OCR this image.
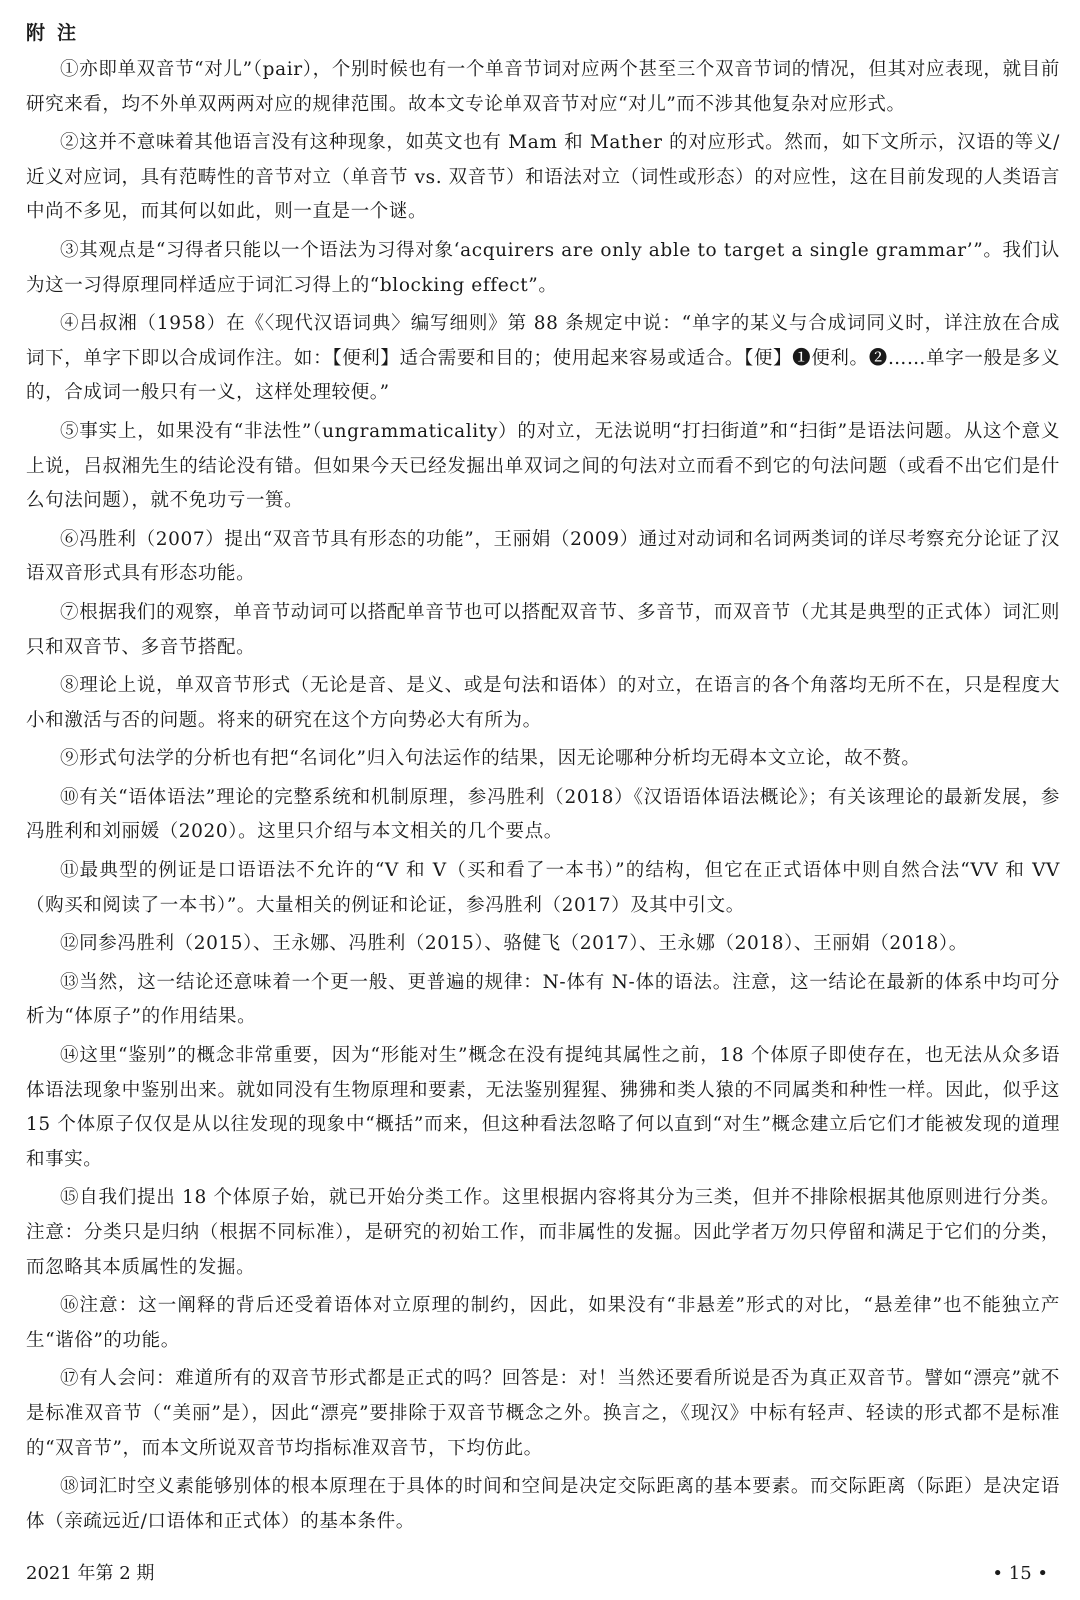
附注

①亦即单双音节“对儿”（pair），个别时候也有一个单音节词对应两个甚至三个双音节词的情况，但其对应表现，就目前研究来看，均不外单双两两对应的规律范围。故本文专论单双音节对应“对儿”而不涉其他复杂对应形式。

②这并不意味着其他语言没有这种现象，如英文也有 Mam 和 Mather 的对应形式。然而，如下文所示，汉语的等义/近义对应词，具有范畴性的音节对立（单音节 vs. 双音节）和语法对立（词性或形态）的对应性，这在目前发现的人类语言中尚不多见，而其何以如此，则一直是一个谜。

③其观点是“习得者只能以一个语法为习得对象‘acquirers are only able to target a single grammar’”。我们认为这一习得原理同样适应于词汇习得上的“blocking effect”。

④吕叔湘（1958）在《〈现代汉语词典〉编写细则》第 88 条规定中说：“单字的某义与合成词同义时，详注放在合成词下，单字下即以合成词作注。如：【便利】适合需要和目的；使用起来容易或适合。【便】❶便利。❷……单字一般是多义的，合成词一般只有一义，这样处理较便。”

⑤事实上，如果没有“非法性”（ungrammaticality）的对立，无法说明“打扫街道”和“扫街”是语法问题。从这个意义上说，吕叔湘先生的结论没有错。但如果今天已经发掘出单双词之间的句法对立而看不到它的句法问题（或看不出它们是什么句法问题），就不免功亏一篑。

⑥冯胜利（2007）提出“双音节具有形态的功能”，王丽娟（2009）通过对动词和名词两类词的详尽考察充分论证了汉语双音形式具有形态功能。

⑦根据我们的观察，单音节动词可以搭配单音节也可以搭配双音节、多音节，而双音节（尤其是典型的正式体）词汇则只和双音节、多音节搭配。

⑧理论上说，单双音节形式（无论是音、是义、或是句法和语体）的对立，在语言的各个角落均无所不在，只是程度大小和激活与否的问题。将来的研究在这个方向势必大有所为。

⑨形式句法学的分析也有把“名词化”归入句法运作的结果，因无论哪种分析均无碍本文立论，故不赘。

⑩有关“语体语法”理论的完整系统和机制原理，参冯胜利（2018）《汉语语体语法概论》；有关该理论的最新发展，参冯胜利和刘丽媛（2020）。这里只介绍与本文相关的几个要点。

⑪最典型的例证是口语语法不允许的“V 和 V（买和看了一本书）”的结构，但它在正式语体中则自然合法“VV 和 VV（购买和阅读了一本书）”。大量相关的例证和论证，参冯胜利（2017）及其中引文。

⑫同参冯胜利（2015）、王永娜、冯胜利（2015）、骆健飞（2017）、王永娜（2018）、王丽娟（2018）。

⑬当然，这一结论还意味着一个更一般、更普遍的规律：N-体有 N-体的语法。注意，这一结论在最新的体系中均可分析为“体原子”的作用结果。

⑭这里“鉴别”的概念非常重要，因为“形能对生”概念在没有提纯其属性之前，18 个体原子即使存在，也无法从众多语体语法现象中鉴别出来。就如同没有生物原理和要素，无法鉴别猩猩、狒狒和类人猿的不同属类和种性一样。因此，似乎这 15 个体原子仅仅是从以往发现的现象中“概括”而来，但这种看法忽略了何以直到“对生”概念建立后它们才能被发现的道理和事实。

⑮自我们提出 18 个体原子始，就已开始分类工作。这里根据内容将其分为三类，但并不排除根据其他原则进行分类。注意：分类只是归纳（根据不同标准），是研究的初始工作，而非属性的发掘。因此学者万勿只停留和满足于它们的分类，而忽略其本质属性的发掘。

⑯注意：这一阐释的背后还受着语体对立原理的制约，因此，如果没有“非悬差”形式的对比，“悬差律”也不能独立产生“谐俗”的功能。

⑰有人会问：难道所有的双音节形式都是正式的吗？回答是：对！当然还要看所说是否为真正双音节。譬如“漂亮”就不是标准双音节（“美丽”是），因此“漂亮”要排除于双音节概念之外。换言之，《现汉》中标有轻声、轻读的形式都不是标准的“双音节”，而本文所说双音节均指标准双音节，下均仿此。

⑱词汇时空义素能够别体的根本原理在于具体的时间和空间是决定交际距离的基本要素。而交际距离（际距）是决定语体（亲疏远近/口语体和正式体）的基本条件。

2021 年第 2 期	• 15 •
